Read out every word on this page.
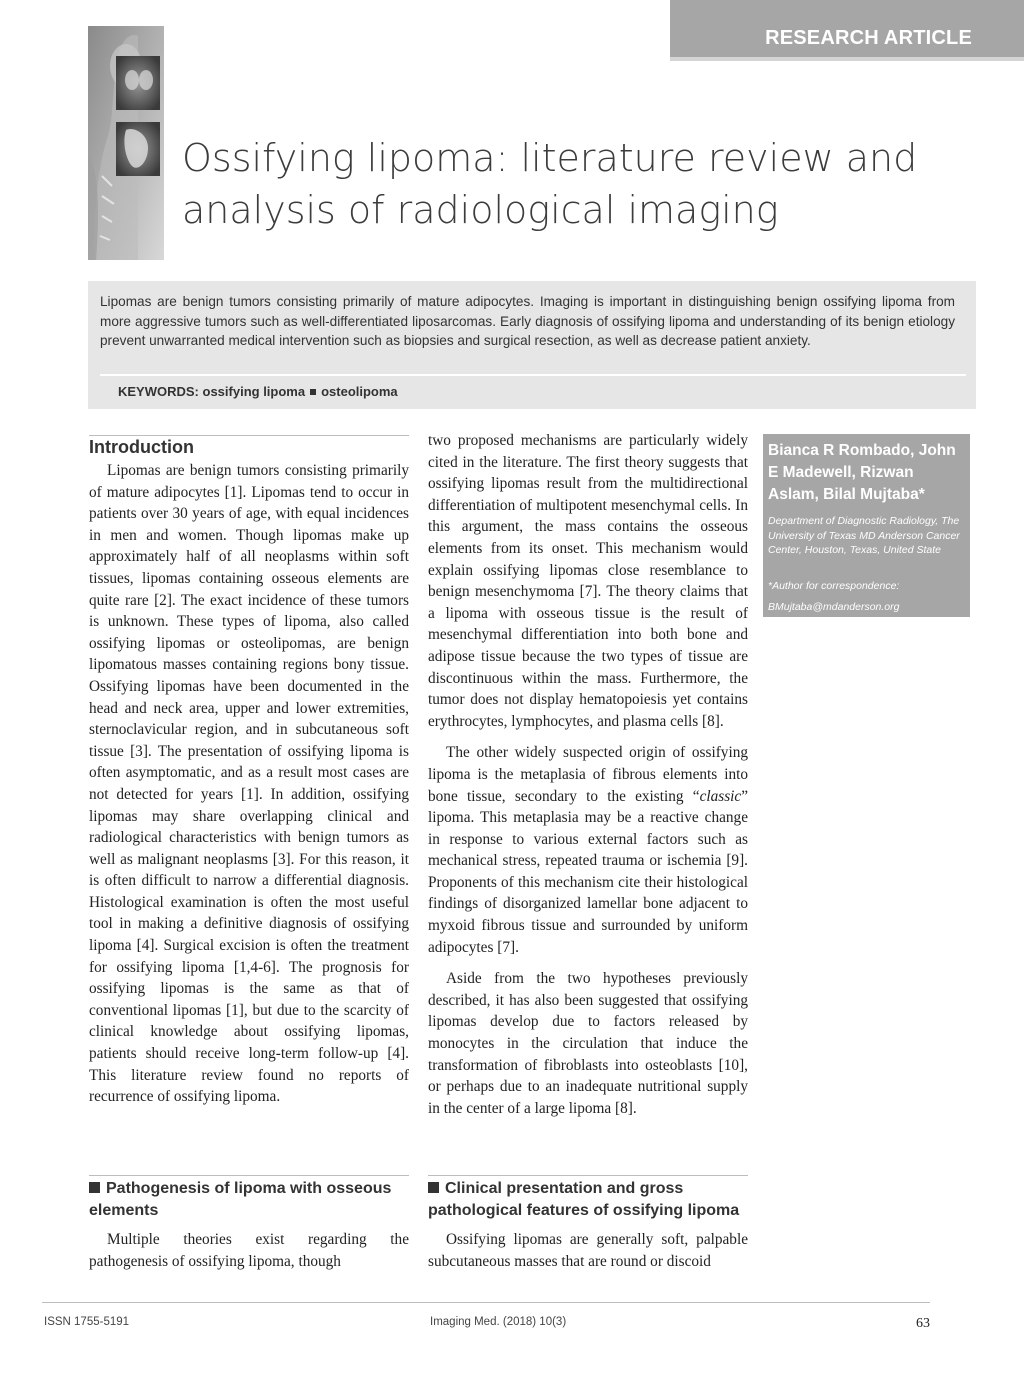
RESEARCH ARTICLE
Ossifying lipoma: literature review and
analysis of radiological imaging

Lipomas are benign tumors consisting primarily of mature adipocytes. Imaging is important in distinguishing benign ossifying lipoma from more aggressive tumors such as well-differentiated liposarcomas. Early diagnosis of ossifying lipoma and understanding of its benign etiology prevent unwarranted medical intervention such as biopsies and surgical resection, as well as decrease patient anxiety.

KEYWORDS: ossifying lipoma osteolipoma
Introduction

Lipomas are benign tumors consisting primarily of mature adipocytes [1]. Lipomas tend to occur in patients over 30 years of age, with equal incidences in men and women. Though lipomas make up approximately half of all neoplasms within soft tissues, lipomas containing osseous elements are quite rare [2]. The exact incidence of these tumors is unknown. These types of lipoma, also called ossifying lipomas or osteolipomas, are benign lipomatous masses containing regions bony tissue. Ossifying lipomas have been documented in the head and neck area, upper and lower extremities, sternoclavicular region, and in subcutaneous soft tissue [3]. The presentation of ossifying lipoma is often asymptomatic, and as a result most cases are not detected for years [1]. In addition, ossifying lipomas may share overlapping clinical and radiological characteristics with benign tumors as well as malignant neoplasms [3]. For this reason, it is often difficult to narrow a differential diagnosis. Histological examination is often the most useful tool in making a definitive diagnosis of ossifying lipoma [4]. Surgical excision is often the treatment for ossifying lipoma [1,4-6]. The prognosis for ossifying lipomas is the same as that of conventional lipomas [1], but due to the scarcity of clinical knowledge about ossifying lipomas, patients should receive long-term follow-up [4]. This literature review found no reports of recurrence of ossifying lipoma.

Pathogenesis of lipoma with osseous elements

Multiple theories exist regarding the pathogenesis of ossifying lipoma, though

two proposed mechanisms are particularly widely cited in the literature. The first theory suggests that ossifying lipomas result from the multidirectional differentiation of multipotent mesenchymal cells. In this argument, the mass contains the osseous elements from its onset. This mechanism would explain ossifying lipomas close resemblance to benign mesenchymoma [7]. The theory claims that a lipoma with osseous tissue is the result of mesenchymal differentiation into both bone and adipose tissue because the two types of tissue are discontinuous within the mass. Furthermore, the tumor does not display hematopoiesis yet contains erythrocytes, lymphocytes, and plasma cells [8].

The other widely suspected origin of ossifying lipoma is the metaplasia of fibrous elements into bone tissue, secondary to the existing “classic” lipoma. This metaplasia may be a reactive change in response to various external factors such as mechanical stress, repeated trauma or ischemia [9]. Proponents of this mechanism cite their histological findings of disorganized lamellar bone adjacent to myxoid fibrous tissue and surrounded by uniform adipocytes [7].

Aside from the two hypotheses previously described, it has also been suggested that ossifying lipomas develop due to factors released by monocytes in the circulation that induce the transformation of fibroblasts into osteoblasts [10], or perhaps due to an inadequate nutritional supply in the center of a large lipoma [8].

Clinical presentation and gross pathological features of ossifying lipoma

Ossifying lipomas are generally soft, palpable subcutaneous masses that are round or discoid

Bianca R Rombado, John E Madewell, Rizwan Aslam, Bilal Mujtaba*

Department of Diagnostic Radiology, The University of Texas MD Anderson Cancer Center, Houston, Texas, United State

*Author for correspondence:

BMujtaba@mdanderson.org

ISSN 1755-5191	Imaging Med. (2018) 10(3)	63
